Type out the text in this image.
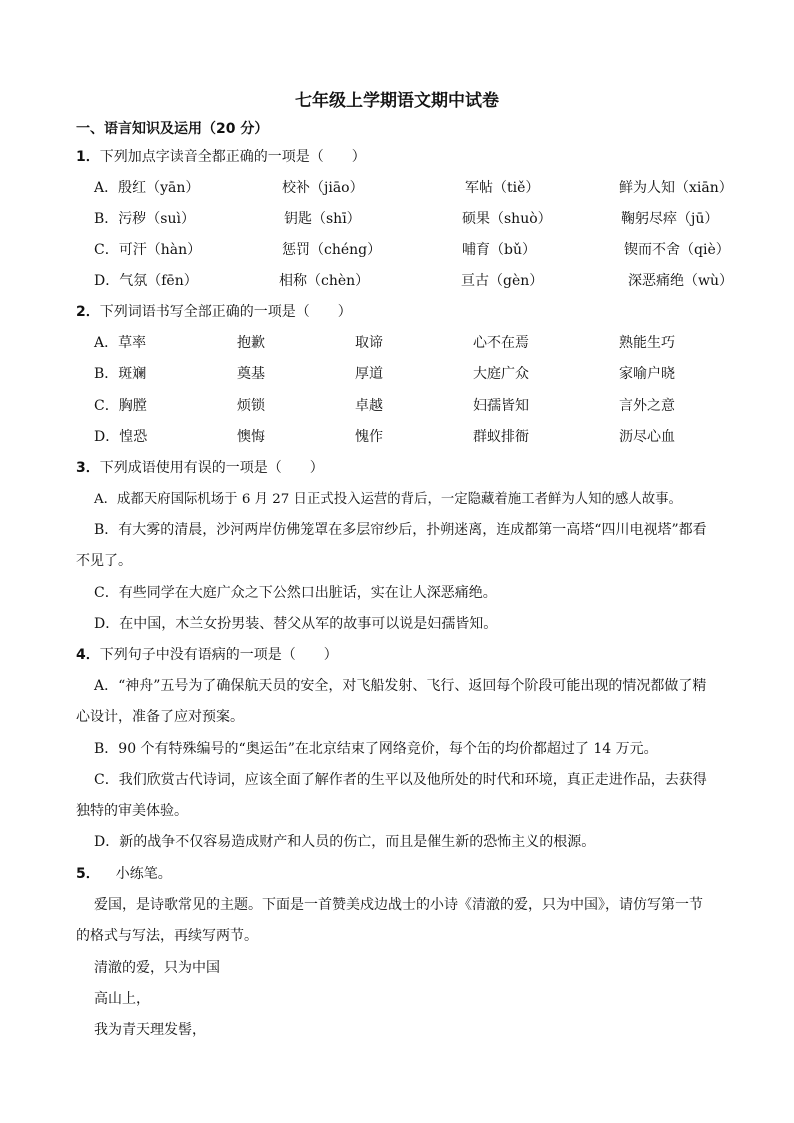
七年级上学期语文期中试卷
一、语言知识及运用（20 分）
1．下列加点字读音全都正确的一项是（　　）
A．殷红（yān）	校补（jiāo）	军帖（tiě）	鲜为人知（xiān）
B．污秽（suì）	钥匙（shī）	硕果（shuò）	鞠躬尽瘁（jū）
C．可汗（hàn）	惩罚（chéng）	哺育（bǔ）	锲而不舍（qiè）
D．气氛（fēn）	相称（chèn）	亘古（gèn）	深恶痛绝（wù）
2．下列词语书写全部正确的一项是（　　）
A．草率	抱歉	取谛	心不在焉	熟能生巧
B．斑斓	奠基	厚道	大庭广众	家喻户晓
C．胸膛	烦锁	卓越	妇孺皆知	言外之意
D．惶恐	懊悔	愧作	群蚁排衙	沥尽心血
3．下列成语使用有误的一项是（　　）
A．成都天府国际机场于 6 月 27 日正式投入运营的背后，一定隐藏着施工者鲜为人知的感人故事。
B．有大雾的清晨，沙河两岸仿佛笼罩在多层帘纱后，扑朔迷离，连成都第一高塔“四川电视塔”都看
不见了。
C．有些同学在大庭广众之下公然口出脏话，实在让人深恶痛绝。
D．在中国，木兰女扮男装、替父从军的故事可以说是妇孺皆知。
4．下列句子中没有语病的一项是（　　）
A．“神舟”五号为了确保航天员的安全，对飞船发射、飞行、返回每个阶段可能出现的情况都做了精
心设计，准备了应对预案。
B．90 个有特殊编号的“奥运缶”在北京结束了网络竞价，每个缶的均价都超过了 14 万元。
C．我们欣赏古代诗词，应该全面了解作者的生平以及他所处的时代和环境，真正走进作品，去获得
独特的审美体验。
D．新的战争不仅容易造成财产和人员的伤亡，而且是催生新的恐怖主义的根源。
5． 小练笔。
爱国，是诗歌常见的主题。下面是一首赞美戍边战士的小诗《清澈的爱，只为中国》，请仿写第一节
的格式与写法，再续写两节。
清澈的爱，只为中国
高山上，
我为青天理发髻，
